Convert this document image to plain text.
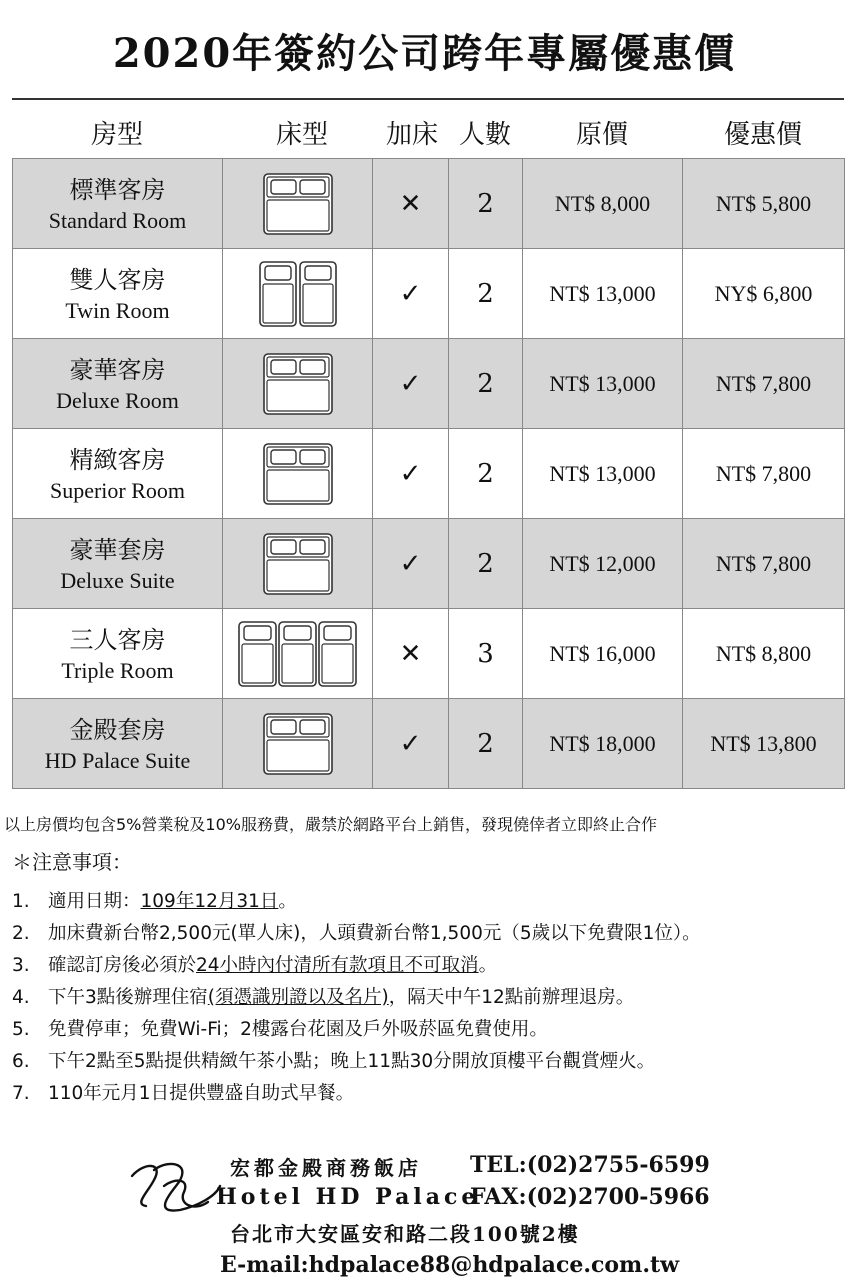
2020年簽約公司跨年專屬優惠價
房型	床型	加床 人數	原價	優惠價
標準客房
Standard Room		✕	2	NT$ 8,000	NT$ 5,800

雙人客房
Twin Room		✓	2	NT$ 13,000	NY$ 6,800

豪華客房
Deluxe Room		✓	2	NT$ 13,000	NT$ 7,800

精緻客房
Superior Room		✓	2	NT$ 13,000	NT$ 7,800

豪華套房
Deluxe Suite		✓	2	NT$ 12,000	NT$ 7,800

三人客房
Triple Room		✕	3	NT$ 16,000	NT$ 8,800

金殿套房
HD Palace Suite		✓	2	NT$ 18,000	NT$ 13,800
以上房價均包含5%營業稅及10%服務費，嚴禁於網路平台上銷售，發現僥倖者立即終止合作
＊注意事項：
1. 適用日期：109年12月31日。
2. 加床費新台幣2,500元(單人床)，人頭費新台幣1,500元（5歲以下免費限1位）。
3. 確認訂房後必須於24小時內付清所有款項且不可取消。
4. 下午3點後辦理住宿(須憑識別證以及名片)，隔天中午12點前辦理退房。
5. 免費停車；免費Wi-Fi；2樓露台花園及戶外吸菸區免費使用。
6. 下午2點至5點提供精緻午茶小點；晚上11點30分開放頂樓平台觀賞煙火。
7. 110年元月1日提供豐盛自助式早餐。
宏都金殿商務飯店 TEL:(02)2755-6599
Hotel HD Palace
FAX:(02)2700-5966
台北市大安區安和路二段100號2樓
E-mail:hdpalace88@hdpalace.com.tw
